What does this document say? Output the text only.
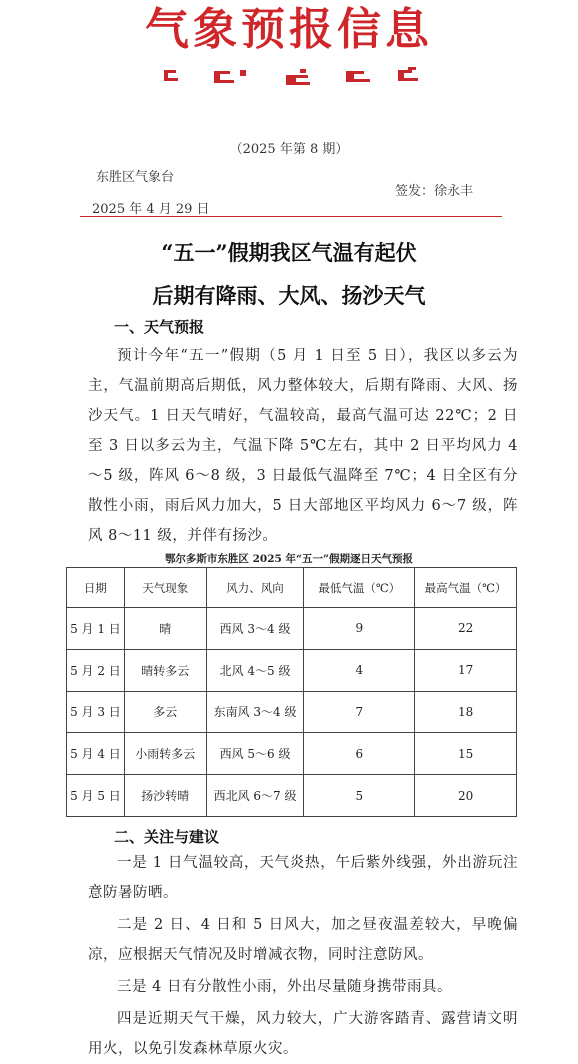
气象预报信息
（2025 年第 8 期）
东胜区气象台
签发：徐永丰
2025 年 4 月 29 日
“五一”假期我区气温有起伏
后期有降雨、大风、扬沙天气
一、天气预报

预计今年“五一”假期（5 月 1 日至 5 日），我区以多云为主，气温前期高后期低，风力整体较大，后期有降雨、大风、扬沙天气。1 日天气晴好，气温较高，最高气温可达 22℃；2 日至 3 日以多云为主，气温下降 5℃左右，其中 2 日平均风力 4～5 级，阵风 6～8 级，3 日最低气温降至 7℃；4 日全区有分散性小雨，雨后风力加大，5 日大部地区平均风力 6～7 级，阵风 8～11 级，并伴有扬沙。

鄂尔多斯市东胜区 2025 年“五一”假期逐日天气预报
日期	天气现象	风力、风向	最低气温（℃）	最高气温（℃）
5 月 1 日	晴	西风 3～4 级	9	22
5 月 2 日	晴转多云	北风 4～5 级	4	17
5 月 3 日	多云	东南风 3～4 级	7	18
5 月 4 日	小雨转多云	西风 5～6 级	6	15
5 月 5 日	扬沙转晴	西北风 6～7 级	5	20
二、关注与建议

一是 1 日气温较高，天气炎热，午后紫外线强，外出游玩注意防暑防晒。

二是 2 日、4 日和 5 日风大，加之昼夜温差较大，早晚偏凉，应根据天气情况及时增减衣物，同时注意防风。

三是 4 日有分散性小雨，外出尽量随身携带雨具。

四是近期天气干燥，风力较大，广大游客踏青、露营请文明用火，以免引发森林草原火灾。
